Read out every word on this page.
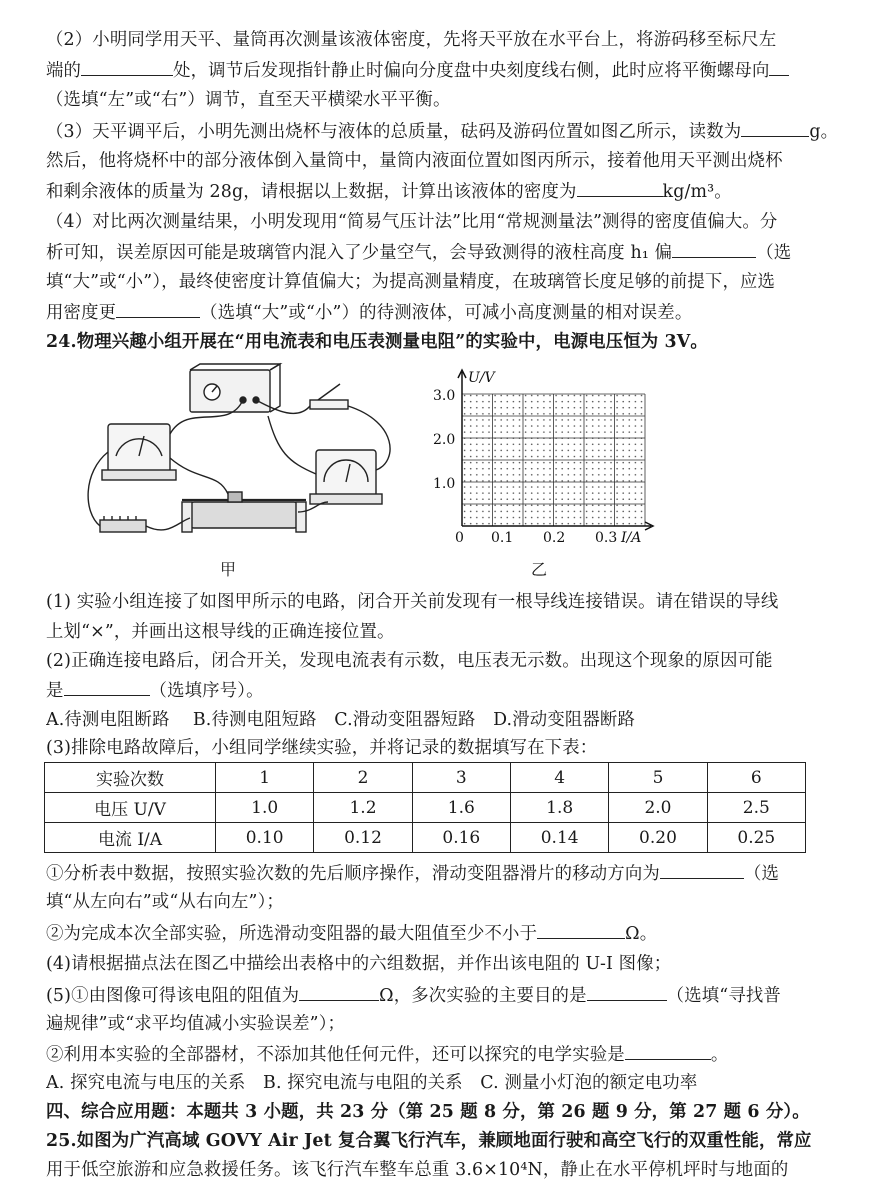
（2）小明同学用天平、量筒再次测量该液体密度，先将天平放在水平台上，将游码移至标尺左
端的	处，调节后发现指针静止时偏向分度盘中央刻度线右侧，此时应将平衡螺母向
（选填“左”或“右”）调节，直至天平横梁水平平衡。
（3）天平调平后，小明先测出烧杯与液体的总质量，砝码及游码位置如图乙所示，读数为	g。
然后，他将烧杯中的部分液体倒入量筒中，量筒内液面位置如图丙所示，接着他用天平测出烧杯
和剩余液体的质量为 28g，请根据以上数据，计算出该液体的密度为	kg/m³。
（4）对比两次测量结果，小明发现用“简易气压计法”比用“常规测量法”测得的密度值偏大。分
析可知，误差原因可能是玻璃管内混入了少量空气，会导致测得的液柱高度 h₁ 偏	（选
填“大”或“小”），最终使密度计算值偏大；为提高测量精度，在玻璃管长度足够的前提下，应选
用密度更	（选填“大”或“小”）的待测液体，可减小高度测量的相对误差。
24.物理兴趣小组开展在“用电流表和电压表测量电阻”的实验中，电源电压恒为 3V。
甲
U/V
I/A
3.0
2.0
1.0
0 0.1 0.2 0.3
乙
(1) 实验小组连接了如图甲所示的电路，闭合开关前发现有一根导线连接错误。请在错误的导线
上划“×”，并画出这根导线的正确连接位置。
(2)正确连接电路后，闭合开关，发现电流表有示数，电压表无示数。出现这个现象的原因可能
是	（选填序号）。
A.待测电阻断路　 B.待测电阻短路　C.滑动变阻器短路　D.滑动变阻器断路
(3)排除电路故障后，小组同学继续实验，并将记录的数据填写在下表：
实验次数	1	2	3	4	5	6
电压 U/V	1.0	1.2	1.6	1.8	2.0	2.5
电流 I/A	0.10	0.12	0.16	0.14	0.20	0.25
①分析表中数据，按照实验次数的先后顺序操作，滑动变阻器滑片的移动方向为	（选
填“从左向右”或“从右向左”）；
②为完成本次全部实验，所选滑动变阻器的最大阻值至少不小于	Ω。
(4)请根据描点法在图乙中描绘出表格中的六组数据，并作出该电阻的 U-I 图像；
(5)①由图像可得该电阻的阻值为	Ω，多次实验的主要目的是	（选填“寻找普
遍规律”或“求平均值减小实验误差”）；
②利用本实验的全部器材，不添加其他任何元件，还可以探究的电学实验是	。
A. 探究电流与电压的关系　B. 探究电流与电阻的关系　C. 测量小灯泡的额定电功率
四、综合应用题：本题共 3 小题，共 23 分（第 25 题 8 分，第 26 题 9 分，第 27 题 6 分）。
25.如图为广汽高域 GOVY Air Jet 复合翼飞行汽车，兼顾地面行驶和高空飞行的双重性能，常应
用于低空旅游和应急救援任务。该飞行汽车整车总重 3.6×10⁴N，静止在水平停机坪时与地面的
